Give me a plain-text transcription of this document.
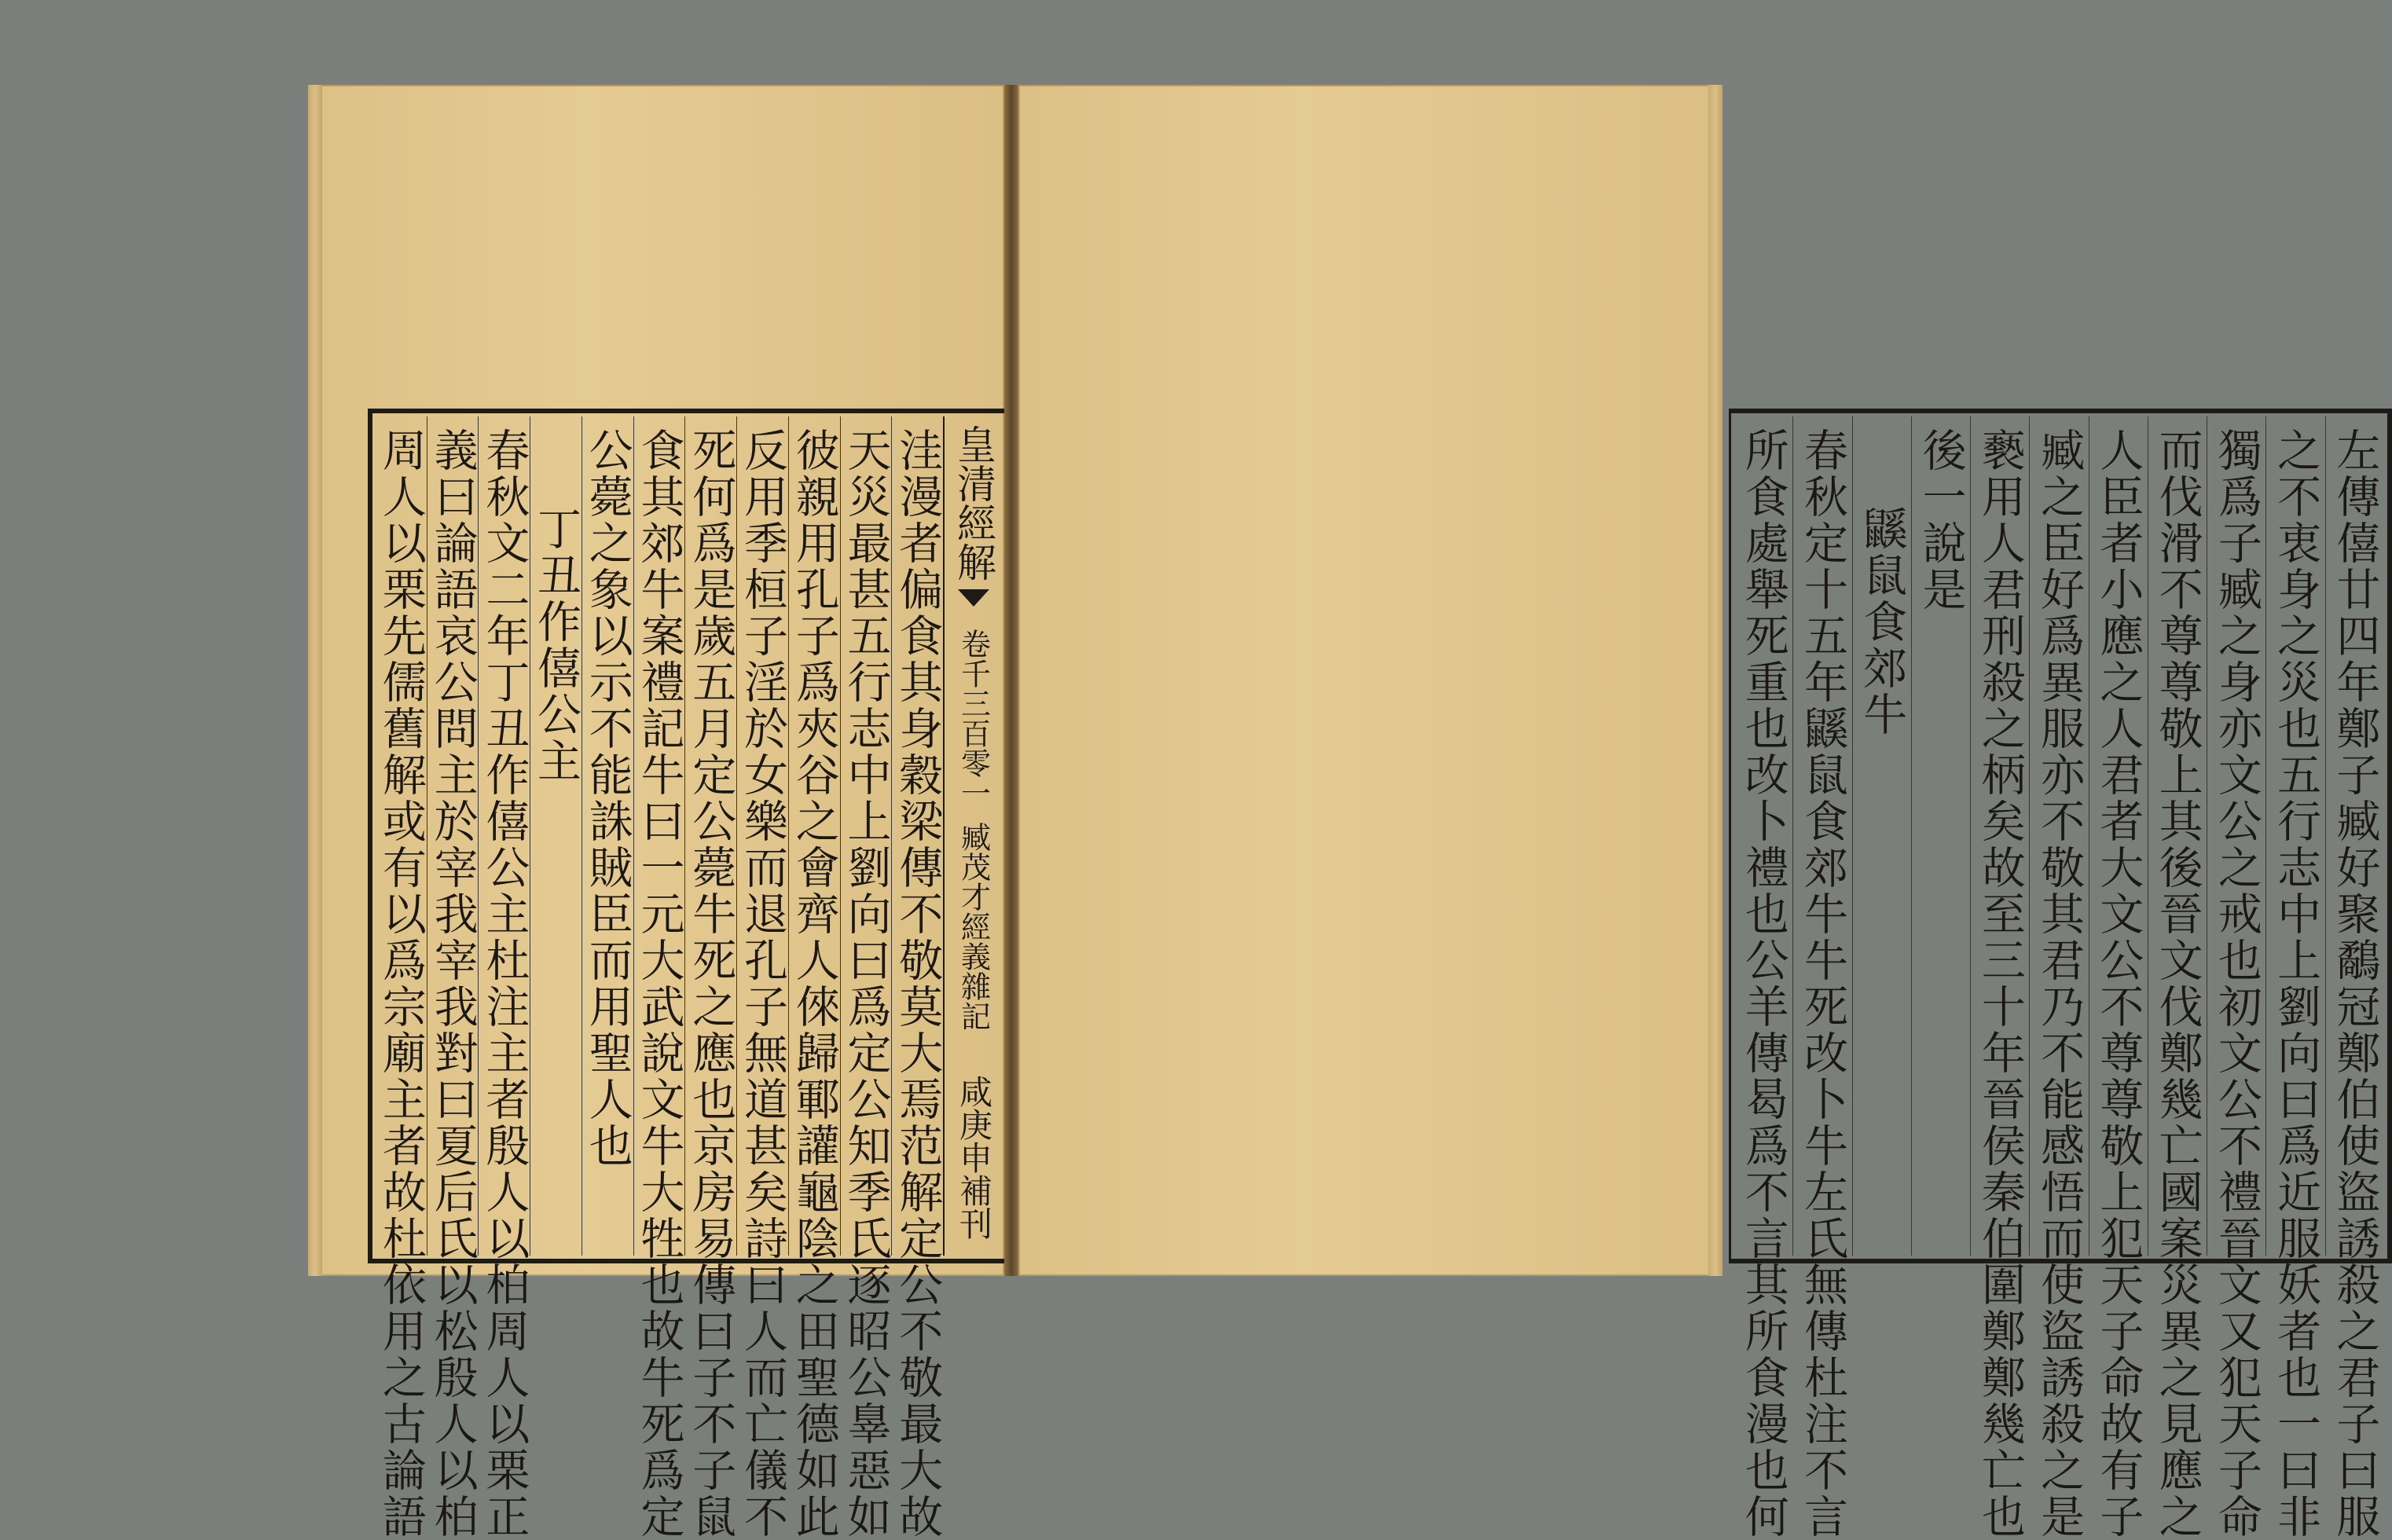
皇清經解
卷千三百零一
臧茂才經義雜記
咸庚申補刊
洼漫者偏食其身穀梁傳不敬莫大焉范解定公不敬最大故
天災最甚五行志中上劉向曰爲定公知季氏逐昭公辠惡如
彼親用孔子爲夾谷之會齊人倈歸鄆讙龜陰之田聖德如此
反用季桓子淫於女樂而退孔子無道甚矣詩曰人而亡儀不
死何爲是歲五月定公薨牛死之應也京房易傳曰子不子鼠
食其郊牛案禮記牛曰一元大武說文牛大牲也故牛死爲定
公薨之象以示不能誅賊臣而用聖人也
丁丑作僖公主
春秋文二年丁丑作僖公主杜注主者殷人以柏周人以栗正
義曰論語哀公問主於宰我宰我對曰夏后氏以松殷人以柏
周人以栗先儒舊解或有以爲宗廟主者故杜依用之古論語	左傳僖廿四年鄭子臧好聚鷸冠鄭伯使盜誘殺之君子曰服
之不衷身之災也五行志中上劉向曰爲近服妖者也一曰非
獨爲子臧之身亦文公之戒也初文公不禮晉文又犯天子命
而伐滑不尊尊敬上其後晉文伐鄭幾亡國案災異之見應之
人臣者小應之人君者大文公不尊尊敬上犯天子命故有子
臧之臣好爲異服亦不敬其君乃不能感悟而使盜誘殺之是
褻用人君刑殺之柄矣故至三十年晉侯秦伯圍鄭鄭幾亡也
後一說是
鼷鼠食郊牛
春秋定十五年鼷鼠食郊牛牛死改卜牛左氏無傳杜注不言
所食處舉死重也改卜禮也公羊傳曷爲不言其所食漫也何
